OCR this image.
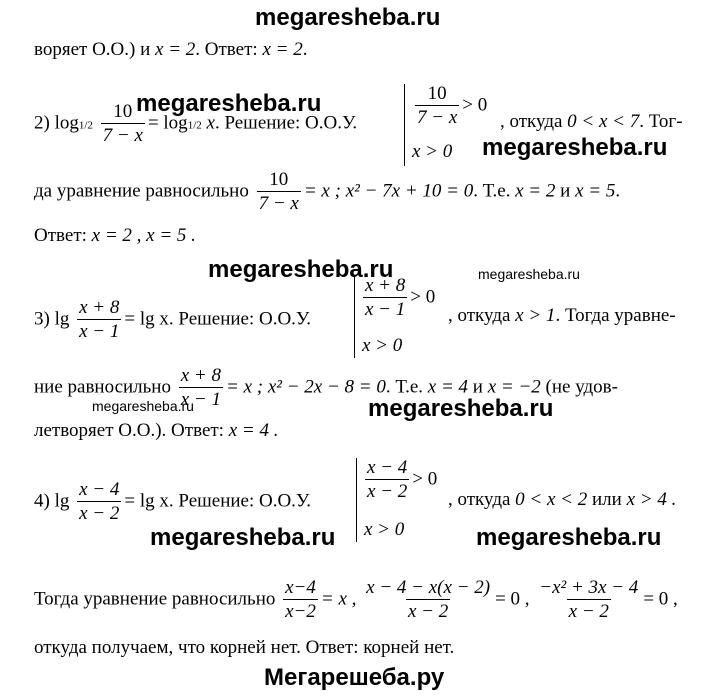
megaresheba.ru
воряет О.О.) и x = 2. Ответ: x = 2.
2) $\log 1/2 \frac{10}{7 - x} = \log 1/2$ x. Решение: О.О.У.	$\frac{10}{7 - x} > 0$
x > 0
, откуда 0 < x < 7. Тог-
megaresheba.ru
megaresheba.ru
да уравнение равносильно $\frac{10}{7 - x} = x$ ; x² − 7x + 10 = 0. Т.е. x = 2 и x = 5.
Ответ: x = 2 , x = 5 .
megaresheba.ru	megaresheba.ru
3) $\lg \frac{x + 8}{x - 1} = \lg x$. Решение: О.О.У.	$\frac{x + 8}{x - 1} > 0$
x > 0
, откуда x > 1. Тогда уравне-
ние равносильно $\frac{x + 8}{x - 1} = x$ ; x² − 2x − 8 = 0. Т.е. x = 4 и x = −2 (не удов-
megaresheba.ru	megaresheba.ru
летворяет О.О.). Ответ: x = 4 .
4) $\lg \frac{x - 4}{x - 2} = \lg x$. Решение: О.О.У.	$\frac{x - 4}{x - 2} > 0$
x > 0
, откуда 0 < x < 2 или x > 4 .
megaresheba.ru	megaresheba.ru
Тогда уравнение равносильно $\frac{x-4}{x-2} = x$ , $\frac{x - 4 - x(x - 2)}{x - 2} = 0$ , $\frac{\text{−x² + 3x − 4}}{x - 2} = 0$ ,
откуда получаем, что корней нет. Ответ: корней нет.
Мегарешеба.ру
